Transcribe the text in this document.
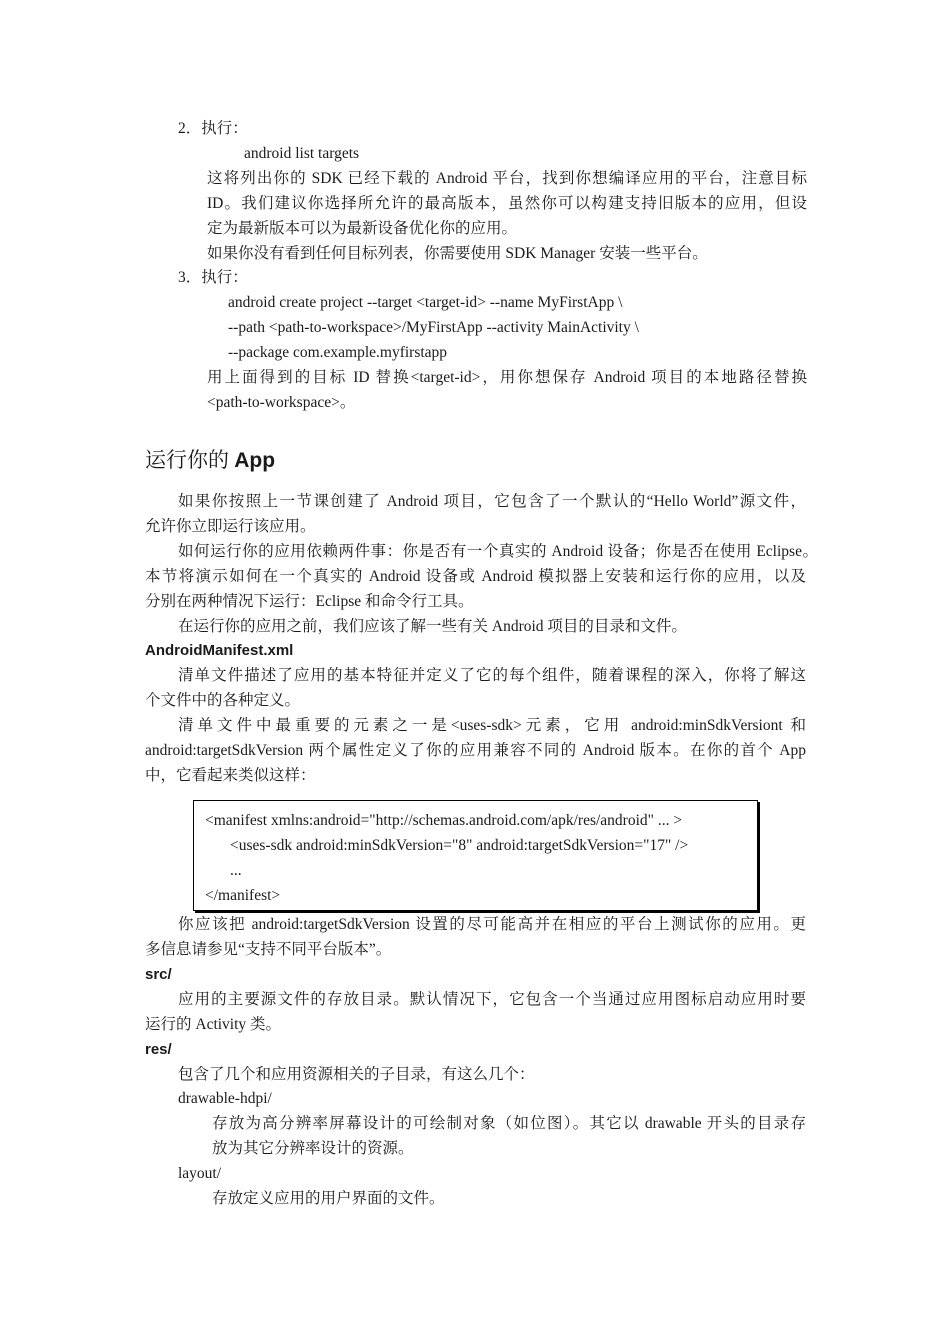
2．执行：
android list targets
这将列出你的 SDK 已经下载的 Android 平台，找到你想编译应用的平台，注意目标
ID。我们建议你选择所允许的最高版本，虽然你可以构建支持旧版本的应用，但设
定为最新版本可以为最新设备优化你的应用。
如果你没有看到任何目标列表，你需要使用 SDK Manager 安装一些平台。
3．执行：
android create project --target <target-id> --name MyFirstApp \
--path <path-to-workspace>/MyFirstApp --activity MainActivity \
--package com.example.myfirstapp
用上面得到的目标 ID 替换<target-id>，用你想保存 Android 项目的本地路径替换
<path-to-workspace>。
运行你的 App
如果你按照上一节课创建了 Android 项目，它包含了一个默认的“Hello World”源文件，
允许你立即运行该应用。
如何运行你的应用依赖两件事：你是否有一个真实的 Android 设备；你是否在使用 Eclipse。
本节将演示如何在一个真实的 Android 设备或 Android 模拟器上安装和运行你的应用，以及
分别在两种情况下运行：Eclipse 和命令行工具。
在运行你的应用之前，我们应该了解一些有关 Android 项目的目录和文件。
AndroidManifest.xml
清单文件描述了应用的基本特征并定义了它的每个组件，随着课程的深入，你将了解这
个文件中的各种定义。
清单文件中最重要的元素之一是<uses-sdk>元素，它用 android:minSdkVersiont 和
android:targetSdkVersion 两个属性定义了你的应用兼容不同的 Android 版本。在你的首个 App
中，它看起来类似这样：
<manifest xmlns:android="http://schemas.android.com/apk/res/android" ... >
<uses-sdk android:minSdkVersion="8" android:targetSdkVersion="17" />
...
</manifest>
你应该把 android:targetSdkVersion 设置的尽可能高并在相应的平台上测试你的应用。更
多信息请参见“支持不同平台版本”。
src/
应用的主要源文件的存放目录。默认情况下，它包含一个当通过应用图标启动应用时要
运行的 Activity 类。
res/
包含了几个和应用资源相关的子目录，有这么几个：
drawable-hdpi/
存放为高分辨率屏幕设计的可绘制对象（如位图）。其它以 drawable 开头的目录存
放为其它分辨率设计的资源。
layout/
存放定义应用的用户界面的文件。
